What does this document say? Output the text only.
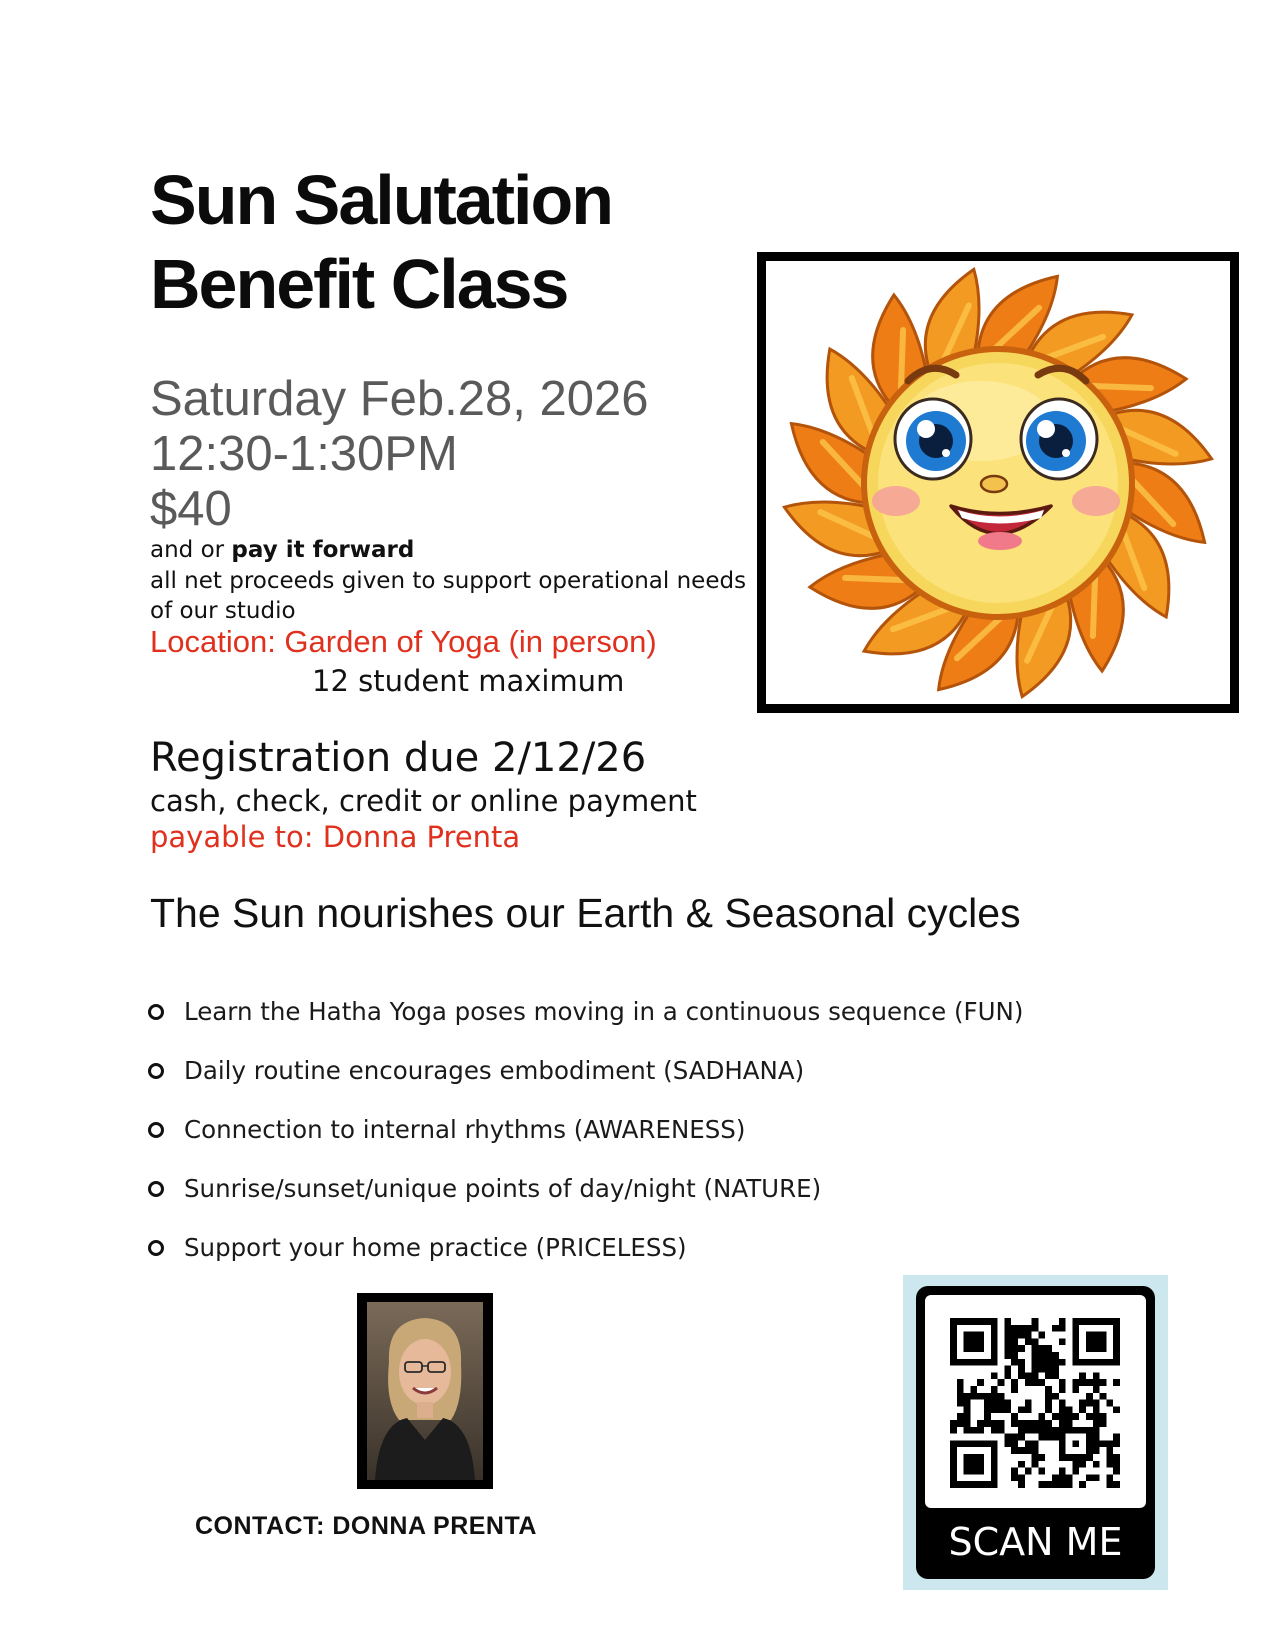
Sun Salutation
Benefit Class
Saturday Feb.28, 2026
12:30-1:30PM
$40
and or pay it forward
all net proceeds given to support operational needs of our studio
Location: Garden of Yoga (in person)
12 student maximum
Registration due 2/12/26
cash, check, credit or online payment
payable to: Donna Prenta
The Sun nourishes our Earth & Seasonal cycles
Learn the Hatha Yoga poses moving in a continuous sequence (FUN)
Daily routine encourages embodiment (SADHANA)
Connection to internal rhythms (AWARENESS)
Sunrise/sunset/unique points of day/night (NATURE)
Support your home practice (PRICELESS)
CONTACT: DONNA PRENTA	SCAN ME
